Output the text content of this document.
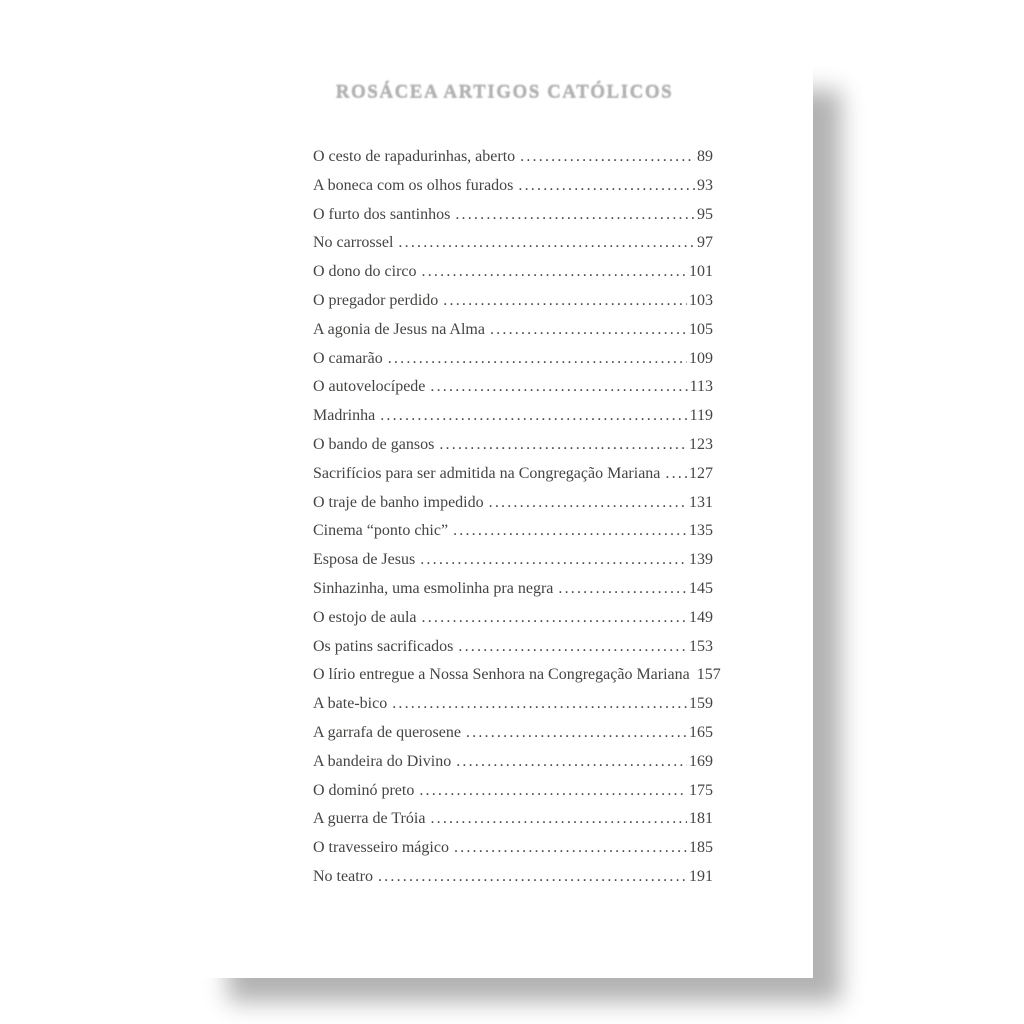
ROSÁCEA ARTIGOS CATÓLICOS
O cesto de rapadurinhas, aberto .....	89
A boneca com os olhos furados .....	93
O furto dos santinhos .....	95
No carrossel .....	97
O dono do circo .....	101
O pregador perdido .....	103
A agonia de Jesus na Alma .....	105
O camarão .....	109
O autovelocípede .....	113
Madrinha .....	119
O bando de gansos .....	123
Sacrifícios para ser admitida na Congregação Mariana ..... 127
O traje de banho impedido .....	131
Cinema “ponto chic” .....	135
Esposa de Jesus .....	139
Sinhazinha, uma esmolinha pra negra .....	145
O estojo de aula .....	149
Os patins sacrificados .....	153
O lírio entregue a Nossa Senhora na Congregação Mariana 157
A bate-bico .....	159
A garrafa de querosene .....	165
A bandeira do Divino .....	169
O dominó preto .....	175
A guerra de Tróia .....	181
O travesseiro mágico .....	185
No teatro .....	191
